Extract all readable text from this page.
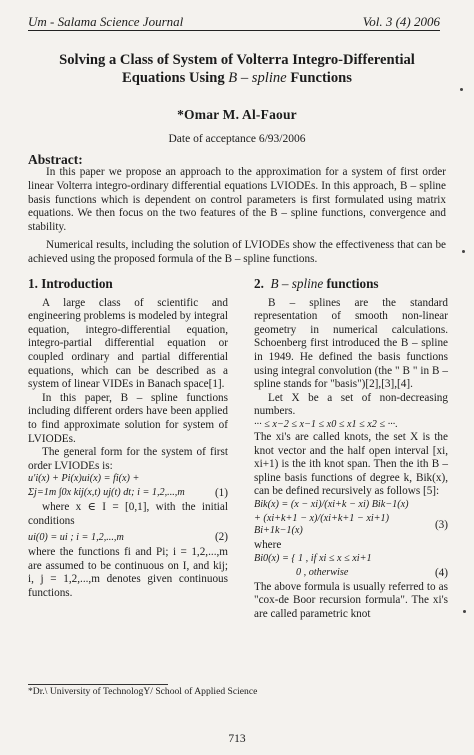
Um - Salama Science Journal	Vol. 3 (4) 2006
Solving a Class of System of Volterra Integro-Differential
Equations Using B – spline Functions
*Omar M. Al-Faour
Date of acceptance 6/93/2006
Abstract:

In this paper we propose an approach to the approximation for a system of first order linear Volterra integro-ordinary differential equations LVIODEs. In this approach, B – spline basis functions which is dependent on control parameters is first formulated using matrix equations. We then focus on the two features of the B – spline functions, convergence and stability.

Numerical results, including the solution of LVIODEs show the effectiveness that can be achieved using the proposed formula of the B – spline functions.

1. Introduction

A large class of scientific and engineering problems is modeled by integral equation, integro-differential equation, integro-partial differential equation or coupled ordinary and partial differential equations, which can be described as a system of linear VIDEs in Banach space[1].

In this paper, B – spline functions including different orders have been applied to find approximate solution for system of LVIODEs.

The general form for the system of first order LVIODEs is:

u′i(x) + Pi(x)ui(x) = fi(x) +
Σj=1m ∫0x kij(x,t) uj(t) dt; i = 1,2,...,m	(1)

where x ∈ I = [0,1], with the initial conditions

ui(0) = ui ; i = 1,2,...,m	(2)

where the functions fi and Pi; i = 1,2,...,m are assumed to be continuous on I, and kij; i, j = 1,2,...,m denotes given continuous functions.

2. B – spline functions

B – splines are the standard representation of smooth non-linear geometry in numerical calculations. Schoenberg first introduced the B – spline in 1949. He defined the basis functions using integral convolution (the " B " in B – spline stands for "basis")[2],[3],[4].

Let X be a set of non-decreasing numbers.

··· ≤ x−2 ≤ x−1 ≤ x0 ≤ x1 ≤ x2 ≤ ···.

The xi's are called knots, the set X is the knot vector and the half open interval [xi, xi+1) is the ith knot span. Then the ith B – spline basis functions of degree k, Bik(x), can be defined recursively as follows [5]:

Bik(x) = (x − xi)/(xi+k − xi) Bik−1(x)
+ (xi+k+1 − x)/(xi+k+1 − xi+1) Bi+1k−1(x)	(3)

where

Bi0(x) = { 1 , if xi ≤ x ≤ xi+1
0 , otherwise	(4)

The above formula is usually referred to as "cox-de Boor recursion formula". The xi's are called parametric knot

*Dr.\ University of TechnologY/ School of Applied Science
713
